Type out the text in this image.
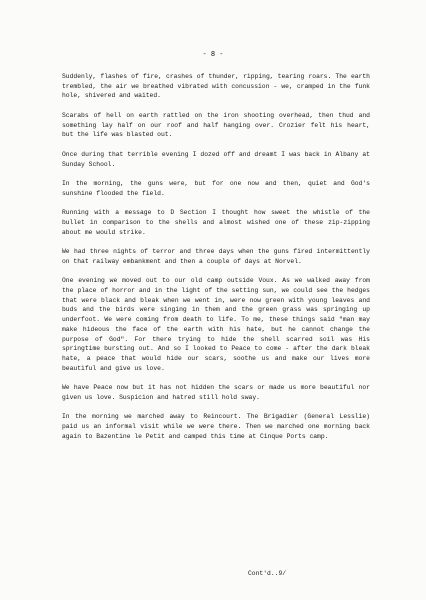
- 8 -

Suddenly, flashes of fire, crashes of thunder, ripping, tearing roars. The earth trembled, the air we breathed vibrated with concussion - we, cramped in the funk hole, shivered and waited.

Scarabs of hell on earth rattled on the iron shooting overhead, then thud and something lay half on our roof and half hanging over. Crozier felt his heart, but the life was blasted out.

Once during that terrible evening I dozed off and dreamt I was back in Albany at Sunday School.

In the morning, the guns were, but for one now and then, quiet and God's sunshine flooded the field.

Running with a message to D Section I thought how sweet the whistle of the bullet in comparison to the shells and almost wished one of these zip-zipping about me would strike.

We had three nights of terror and three days when the guns fired intermittently on that railway embankment and then a couple of days at Norvel.

One evening we moved out to our old camp outside Voux. As we walked away from the place of horror and in the light of the setting sun, we could see the hedges that were black and bleak when we went in, were now green with young leaves and buds and the birds were singing in them and the green grass was springing up underfoot. We were coming from death to life. To me, these things said "man may make hideous the face of the earth with his hate, but he cannot change the purpose of God". For there trying to hide the shell scarred soil was His springtime bursting out. And so I looked to Peace to come - after the dark bleak hate, a peace that would hide our scars, soothe us and make our lives more beautiful and give us love.

We have Peace now but it has not hidden the scars or made us more beautiful nor given us love. Suspicion and hatred still hold sway.

In the morning we marched away to Reincourt. The Brigadier (General Lesslie) paid us an informal visit while we were there. Then we marched one morning back again to Bazentine le Petit and camped this time at Cinque Ports camp.

Cont'd..9/
